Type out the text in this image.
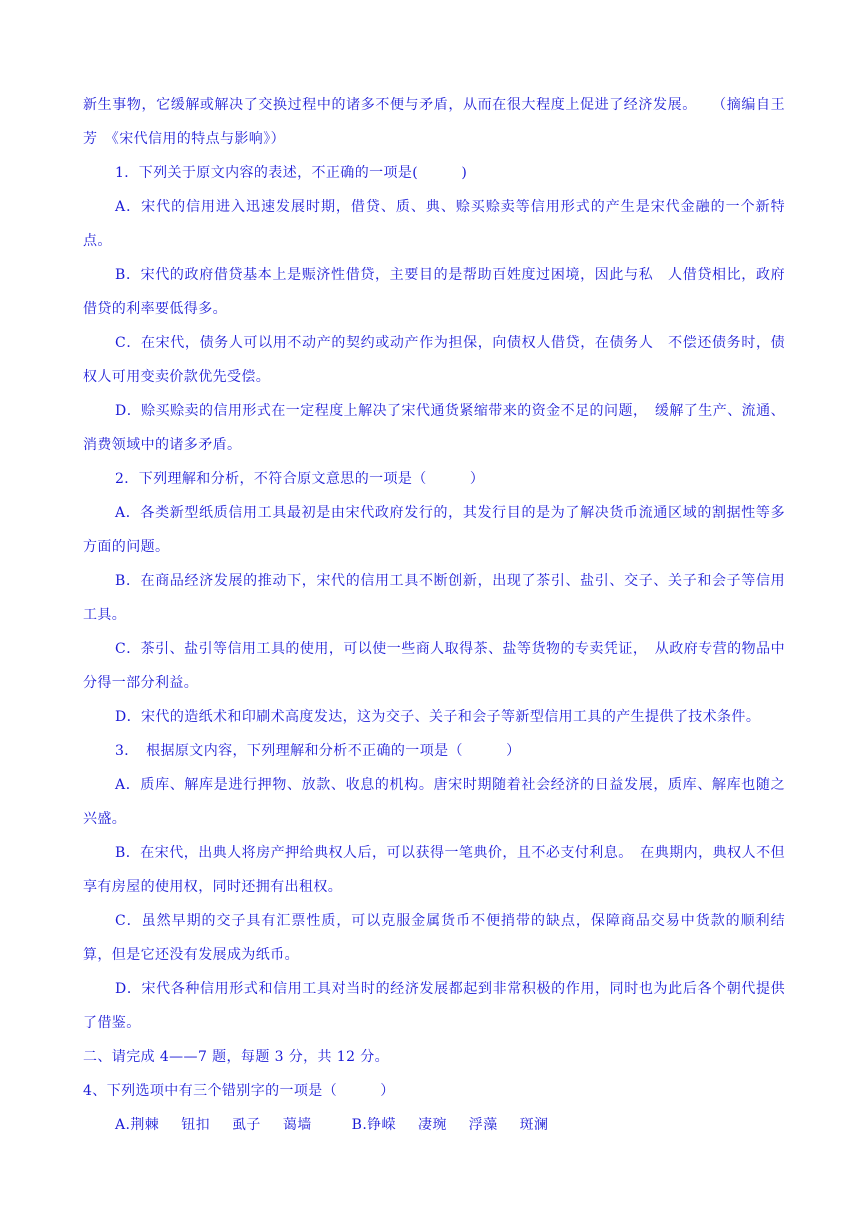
新生事物，它缓解或解决了交换过程中的诸多不便与矛盾，从而在很大程度上促进了经济发展。　　（摘编自王芳　《宋代信用的特点与影响》）

1．下列关于原文内容的表述，不正确的一项是(　　　)

A．宋代的信用进入迅速发展时期，借贷、质、典、赊买赊卖等信用形式的产生是宋代金融的一个新特点。

B．宋代的政府借贷基本上是赈济性借贷，主要目的是帮助百姓度过困境，因此与私　人借贷相比，政府借贷的利率要低得多。

C．在宋代，债务人可以用不动产的契约或动产作为担保，向债权人借贷，在债务人　不偿还债务时，债权人可用变卖价款优先受偿。

D．赊买赊卖的信用形式在一定程度上解决了宋代通货紧缩带来的资金不足的问题，　缓解了生产、流通、消费领域中的诸多矛盾。

2．下列理解和分析，不符合原文意思的一项是（　　　）

A．各类新型纸质信用工具最初是由宋代政府发行的，其发行目的是为了解决货币流通区域的割据性等多方面的问题。

B．在商品经济发展的推动下，宋代的信用工具不断创新，出现了茶引、盐引、交子、关子和会子等信用工具。

C．茶引、盐引等信用工具的使用，可以使一些商人取得茶、盐等货物的专卖凭证，　从政府专营的物品中分得一部分利益。

D．宋代的造纸术和印刷术高度发达，这为交子、关子和会子等新型信用工具的产生提供了技术条件。

3．　根据原文内容，下列理解和分析不正确的一项是（　　　）

A．质库、解库是进行押物、放款、收息的机构。唐宋时期随着社会经济的日益发展，质库、解库也随之兴盛。

B．在宋代，出典人将房产押给典权人后，可以获得一笔典价，且不必支付利息。　在典期内，典权人不但享有房屋的使用权，同时还拥有出租权。

C．虽然早期的交子具有汇票性质，可以克服金属货币不便捎带的缺点，保障商品交易中货款的顺利结算，但是它还没有发展成为纸币。

D．宋代各种信用形式和信用工具对当时的经济发展都起到非常积极的作用，同时也为此后各个朝代提供了借鉴。

二、请完成 4——7 题，每题 3 分，共 12 分。

4、下列选项中有三个错别字的一项是（　　　）

A.荆棘 钮扣 虱子 蔼墙	B.铮嵘 凄琬 浮藻 斑澜
